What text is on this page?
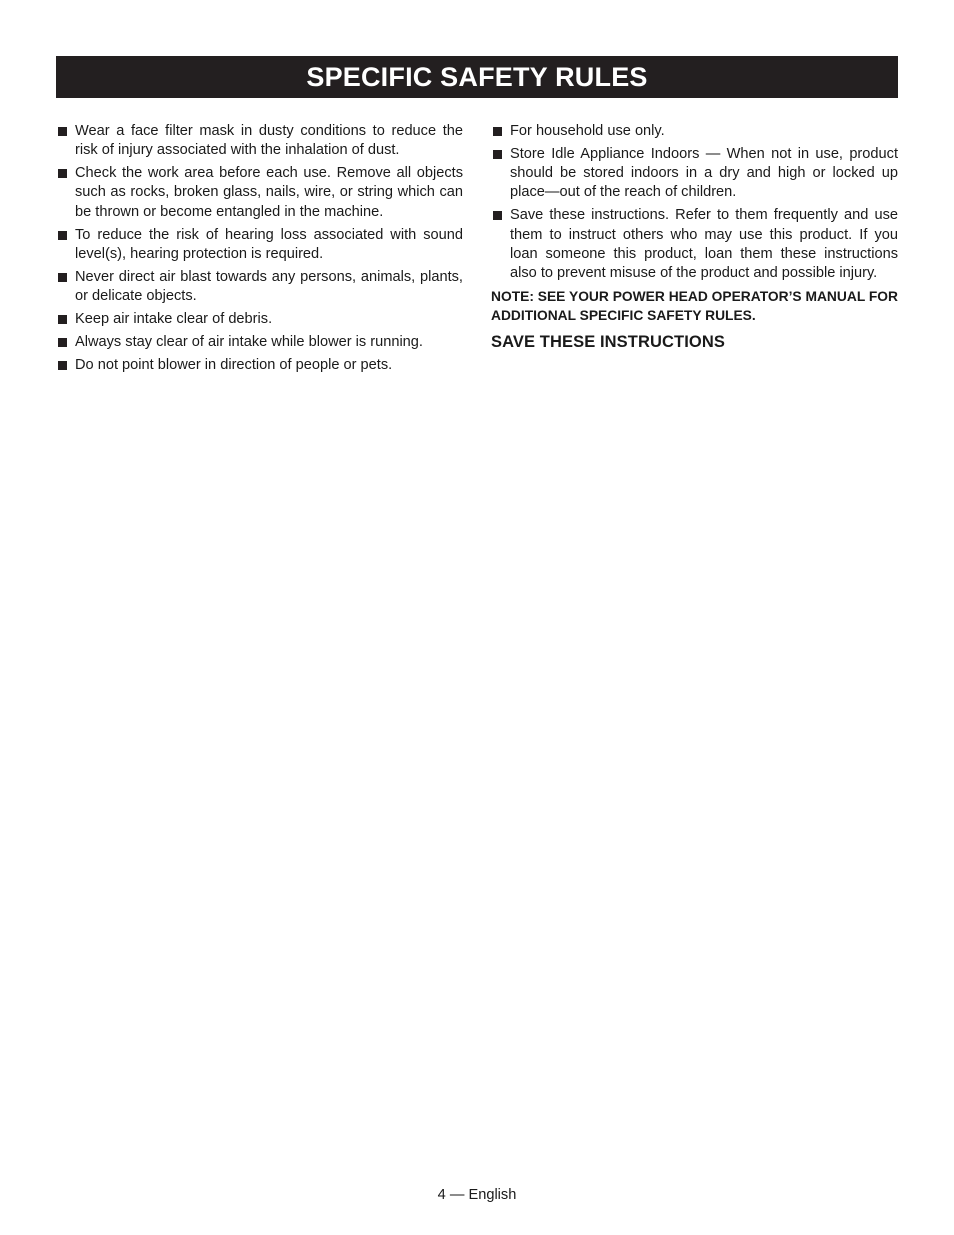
SPECIFIC SAFETY RULES
Wear a face filter mask in dusty conditions to reduce the risk of injury associated with the inhalation of dust.
Check the work area before each use. Remove all objects such as rocks, broken glass, nails, wire, or string which can be thrown or become entangled in the machine.
To reduce the risk of hearing loss associated with sound level(s), hearing protection is required.
Never direct air blast towards any persons, animals, plants, or delicate objects.
Keep air intake clear of debris.
Always stay clear of air intake while blower is running.
Do not point blower in direction of people or pets.
For household use only.
Store Idle Appliance Indoors — When not in use, product should be stored indoors in a dry and high or locked up place—out of the reach of children.
Save these instructions. Refer to them frequently and use them to instruct others who may use this product. If you loan someone this product, loan them these instructions also to prevent misuse of the product and possible injury.

NOTE: SEE YOUR POWER HEAD OPERATOR’S MANUAL FOR ADDITIONAL SPECIFIC SAFETY RULES.

SAVE THESE INSTRUCTIONS

4 — English
